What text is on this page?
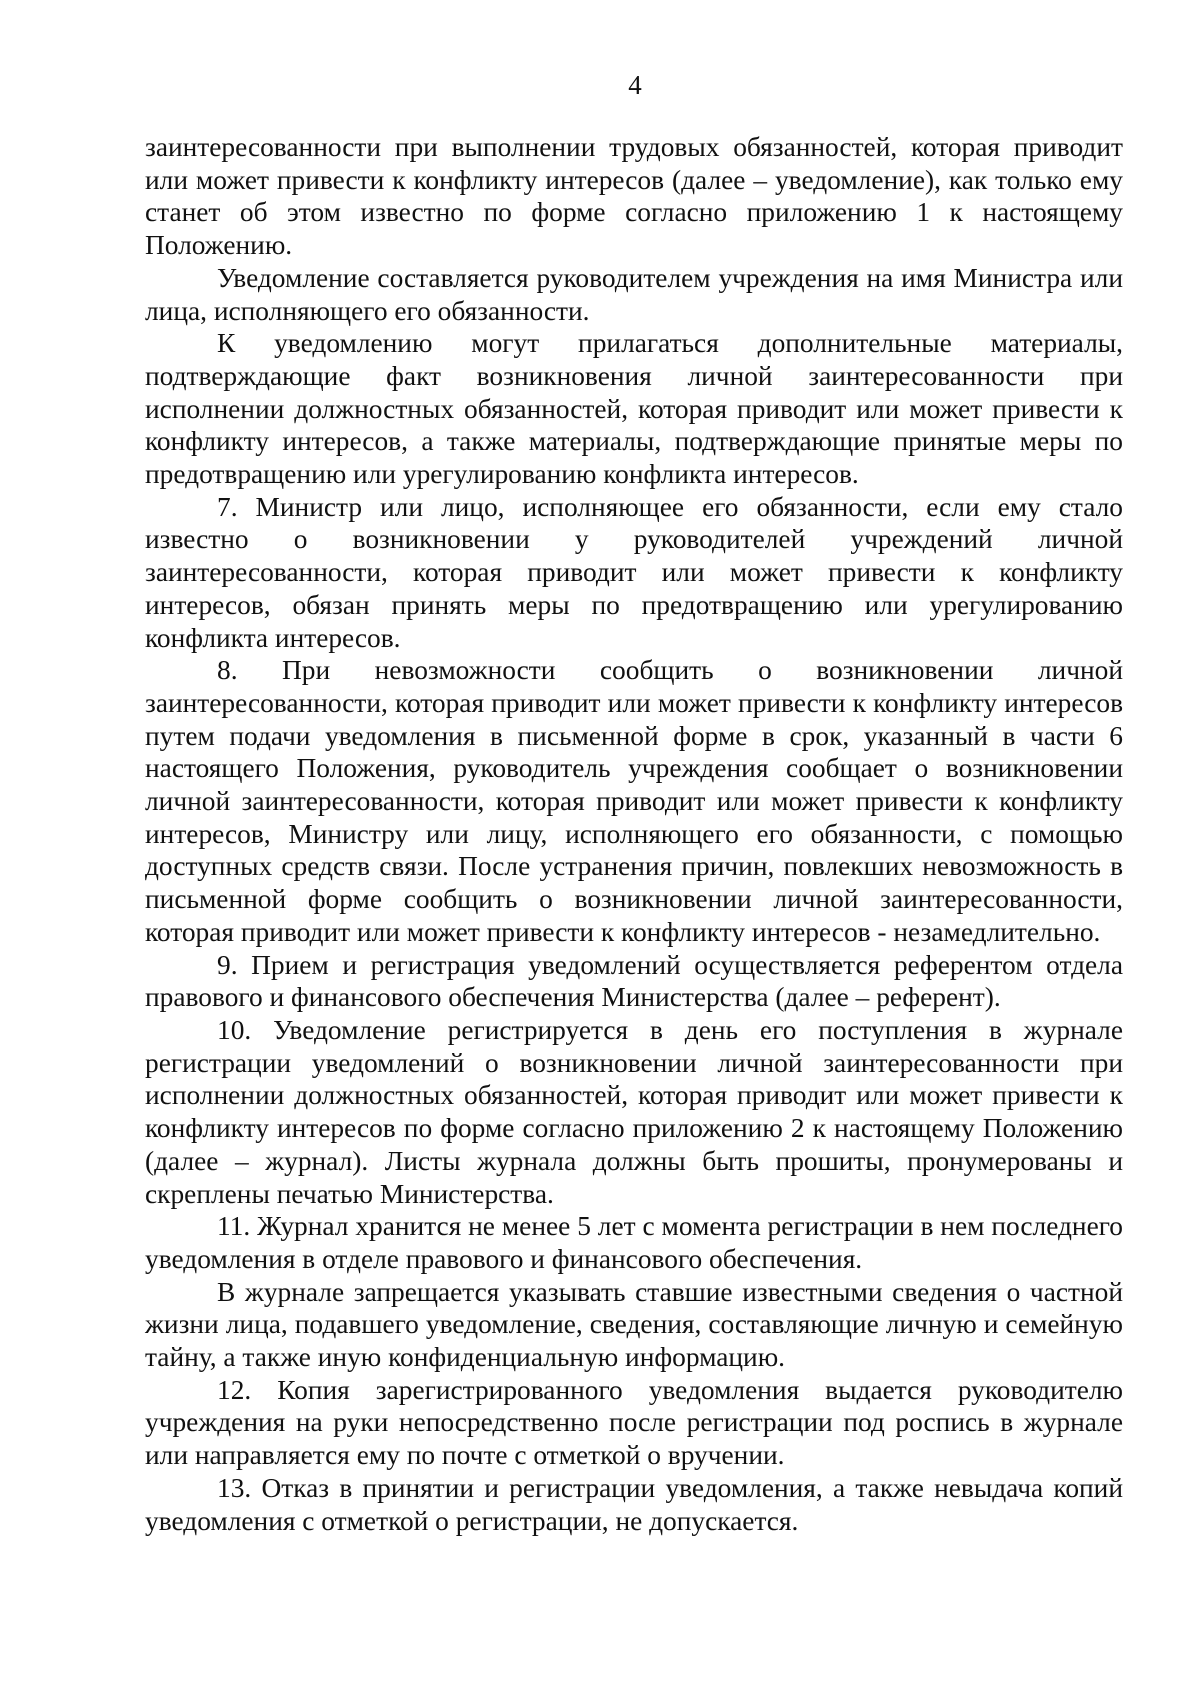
4

заинтересованности при выполнении трудовых обязанностей, которая приводит или может привести к конфликту интересов (далее – уведомление), как только ему станет об этом известно по форме согласно приложению 1 к настоящему Положению.

Уведомление составляется руководителем учреждения на имя Министра или лица, исполняющего его обязанности.

К уведомлению могут прилагаться дополнительные материалы, подтверждающие факт возникновения личной заинтересованности при исполнении должностных обязанностей, которая приводит или может привести к конфликту интересов, а также материалы, подтверждающие принятые меры по предотвращению или урегулированию конфликта интересов.

7. Министр или лицо, исполняющее его обязанности, если ему стало известно о возникновении у руководителей учреждений личной заинтересованности, которая приводит или может привести к конфликту интересов, обязан принять меры по предотвращению или урегулированию конфликта интересов.

8. При невозможности сообщить о возникновении личной заинтересованности, которая приводит или может привести к конфликту интересов путем подачи уведомления в письменной форме в срок, указанный в части 6 настоящего Положения, руководитель учреждения сообщает о возникновении личной заинтересованности, которая приводит или может привести к конфликту интересов, Министру или лицу, исполняющего его обязанности, с помощью доступных средств связи. После устранения причин, повлекших невозможность в письменной форме сообщить о возникновении личной заинтересованности, которая приводит или может привести к конфликту интересов - незамедлительно.

9. Прием и регистрация уведомлений осуществляется референтом отдела правового и финансового обеспечения Министерства (далее – референт).

10. Уведомление регистрируется в день его поступления в журнале регистрации уведомлений о возникновении личной заинтересованности при исполнении должностных обязанностей, которая приводит или может привести к конфликту интересов по форме согласно приложению 2 к настоящему Положению (далее – журнал). Листы журнала должны быть прошиты, пронумерованы и скреплены печатью Министерства.

11. Журнал хранится не менее 5 лет с момента регистрации в нем последнего уведомления в отделе правового и финансового обеспечения.

В журнале запрещается указывать ставшие известными сведения о частной жизни лица, подавшего уведомление, сведения, составляющие личную и семейную тайну, а также иную конфиденциальную информацию.

12. Копия зарегистрированного уведомления выдается руководителю учреждения на руки непосредственно после регистрации под роспись в журнале или направляется ему по почте с отметкой о вручении.

13. Отказ в принятии и регистрации уведомления, а также невыдача копий уведомления с отметкой о регистрации, не допускается.
